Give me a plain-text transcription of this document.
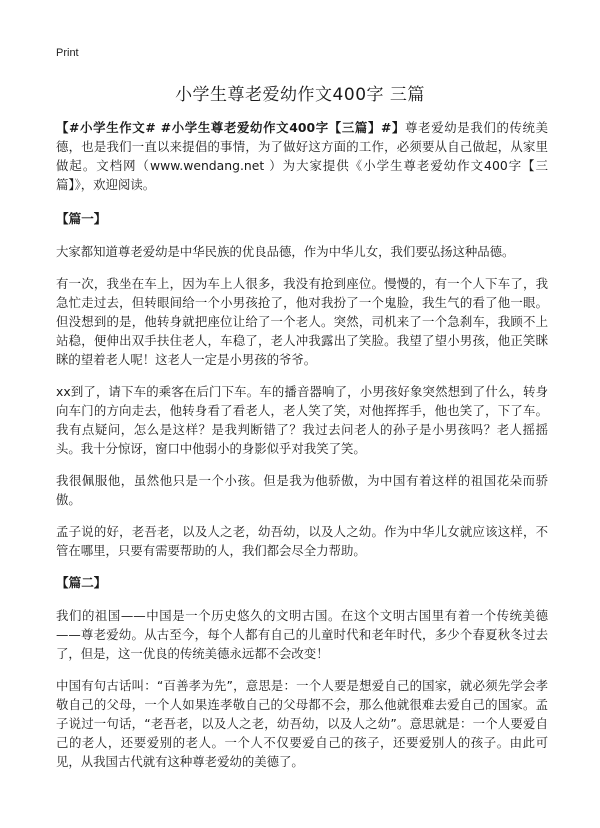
Print
小学生尊老爱幼作文400字 三篇

【#小学生作文# #小学生尊老爱幼作文400字【三篇】#】尊老爱幼是我们的传统美德，也是我们一直以来提倡的事情，为了做好这方面的工作，必须要从自己做起，从家里做起。文档网（www.wendang.net ）为大家提供《小学生尊老爱幼作文400字【三篇】》，欢迎阅读。

【篇一】

大家都知道尊老爱幼是中华民族的优良品德，作为中华儿女，我们要弘扬这种品德。

有一次，我坐在车上，因为车上人很多，我没有抢到座位。慢慢的，有一个人下车了，我急忙走过去，但转眼间给一个小男孩抢了，他对我扮了一个鬼脸，我生气的看了他一眼。但没想到的是，他转身就把座位让给了一个老人。突然，司机来了一个急刹车，我顾不上站稳，便伸出双手扶住老人，车稳了，老人冲我露出了笑脸。我望了望小男孩，他正笑眯眯的望着老人呢！这老人一定是小男孩的爷爷。

xx到了，请下车的乘客在后门下车。车的播音器响了，小男孩好象突然想到了什么，转身向车门的方向走去，他转身看了看老人，老人笑了笑，对他挥挥手，他也笑了，下了车。我有点疑问，怎么是这样？是我判断错了？我过去问老人的孙子是小男孩吗？老人摇摇头。我十分惊讶，窗口中他弱小的身影似乎对我笑了笑。

我很佩服他，虽然他只是一个小孩。但是我为他骄傲，为中国有着这样的祖国花朵而骄傲。

孟子说的好，老吾老，以及人之老，幼吾幼，以及人之幼。作为中华儿女就应该这样，不管在哪里，只要有需要帮助的人，我们都会尽全力帮助。

【篇二】

我们的祖国——中国是一个历史悠久的文明古国。在这个文明古国里有着一个传统美德——尊老爱幼。从古至今，每个人都有自己的儿童时代和老年时代，多少个春夏秋冬过去了，但是，这一优良的传统美德永远都不会改变！

中国有句古话叫：“百善孝为先”，意思是：一个人要是想爱自己的国家，就必须先学会孝敬自己的父母，一个人如果连孝敬自己的父母都不会，那么他就很难去爱自己的国家。孟子说过一句话，“老吾老，以及人之老，幼吾幼，以及人之幼”。意思就是：一个人要爱自己的老人，还要爱别的老人。一个人不仅要爱自己的孩子，还要爱别人的孩子。由此可见，从我国古代就有这种尊老爱幼的美德了。
